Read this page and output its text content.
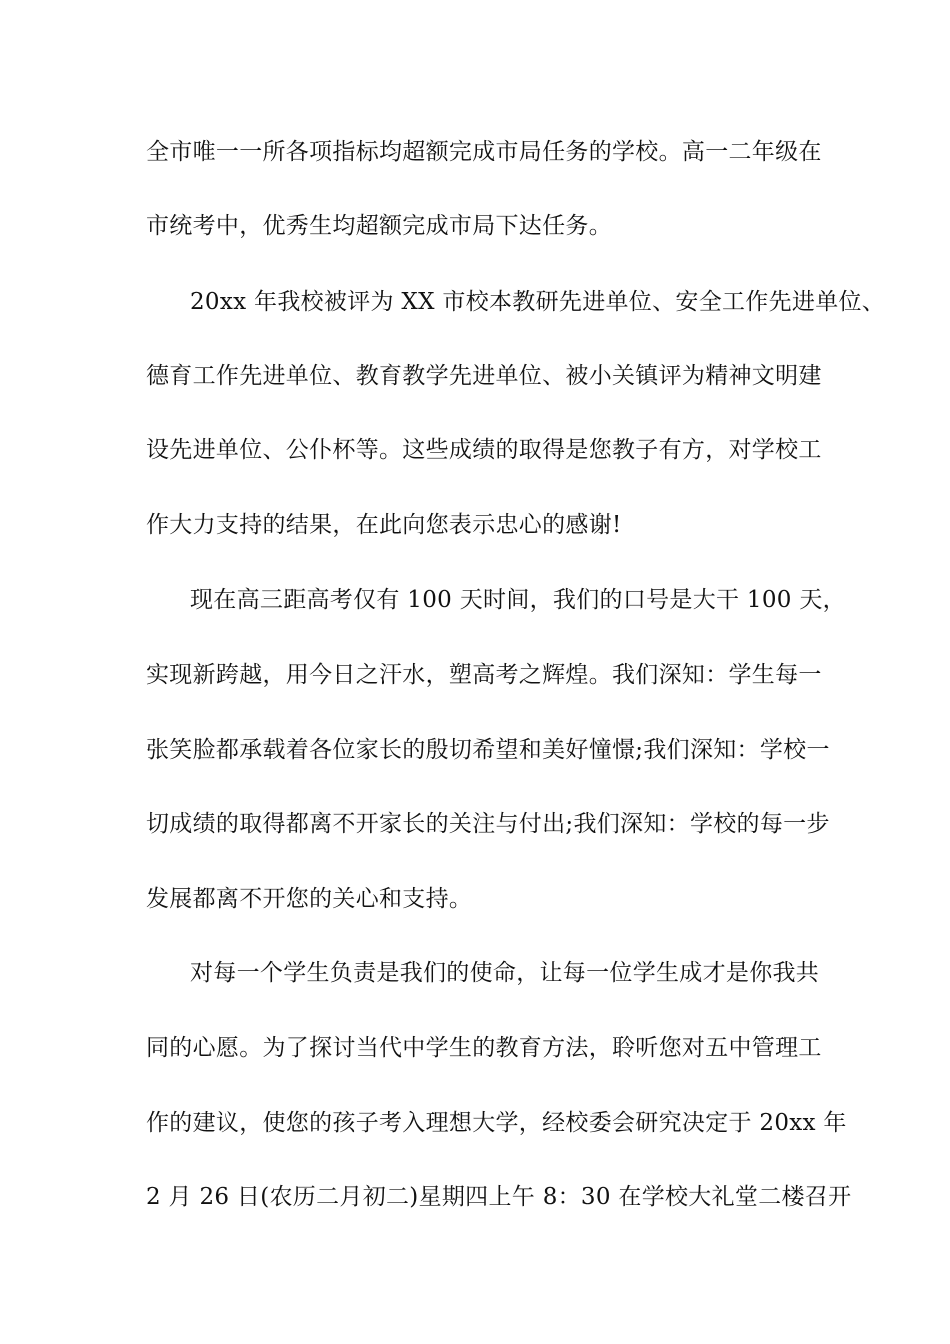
全市唯一一所各项指标均超额完成市局任务的学校。高一二年级在
市统考中，优秀生均超额完成市局下达任务。
20xx 年我校被评为 XX 市校本教研先进单位、安全工作先进单位、
德育工作先进单位、教育教学先进单位、被小关镇评为精神文明建
设先进单位、公仆杯等。这些成绩的取得是您教子有方，对学校工
作大力支持的结果，在此向您表示忠心的感谢!
现在高三距高考仅有 100 天时间，我们的口号是大干 100 天，
实现新跨越，用今日之汗水，塑高考之辉煌。我们深知：学生每一
张笑脸都承载着各位家长的殷切希望和美好憧憬;我们深知：学校一
切成绩的取得都离不开家长的关注与付出;我们深知：学校的每一步
发展都离不开您的关心和支持。
对每一个学生负责是我们的使命，让每一位学生成才是你我共
同的心愿。为了探讨当代中学生的教育方法，聆听您对五中管理工
作的建议，使您的孩子考入理想大学，经校委会研究决定于 20xx 年
2 月 26 日(农历二月初二)星期四上午 8：30 在学校大礼堂二楼召开
